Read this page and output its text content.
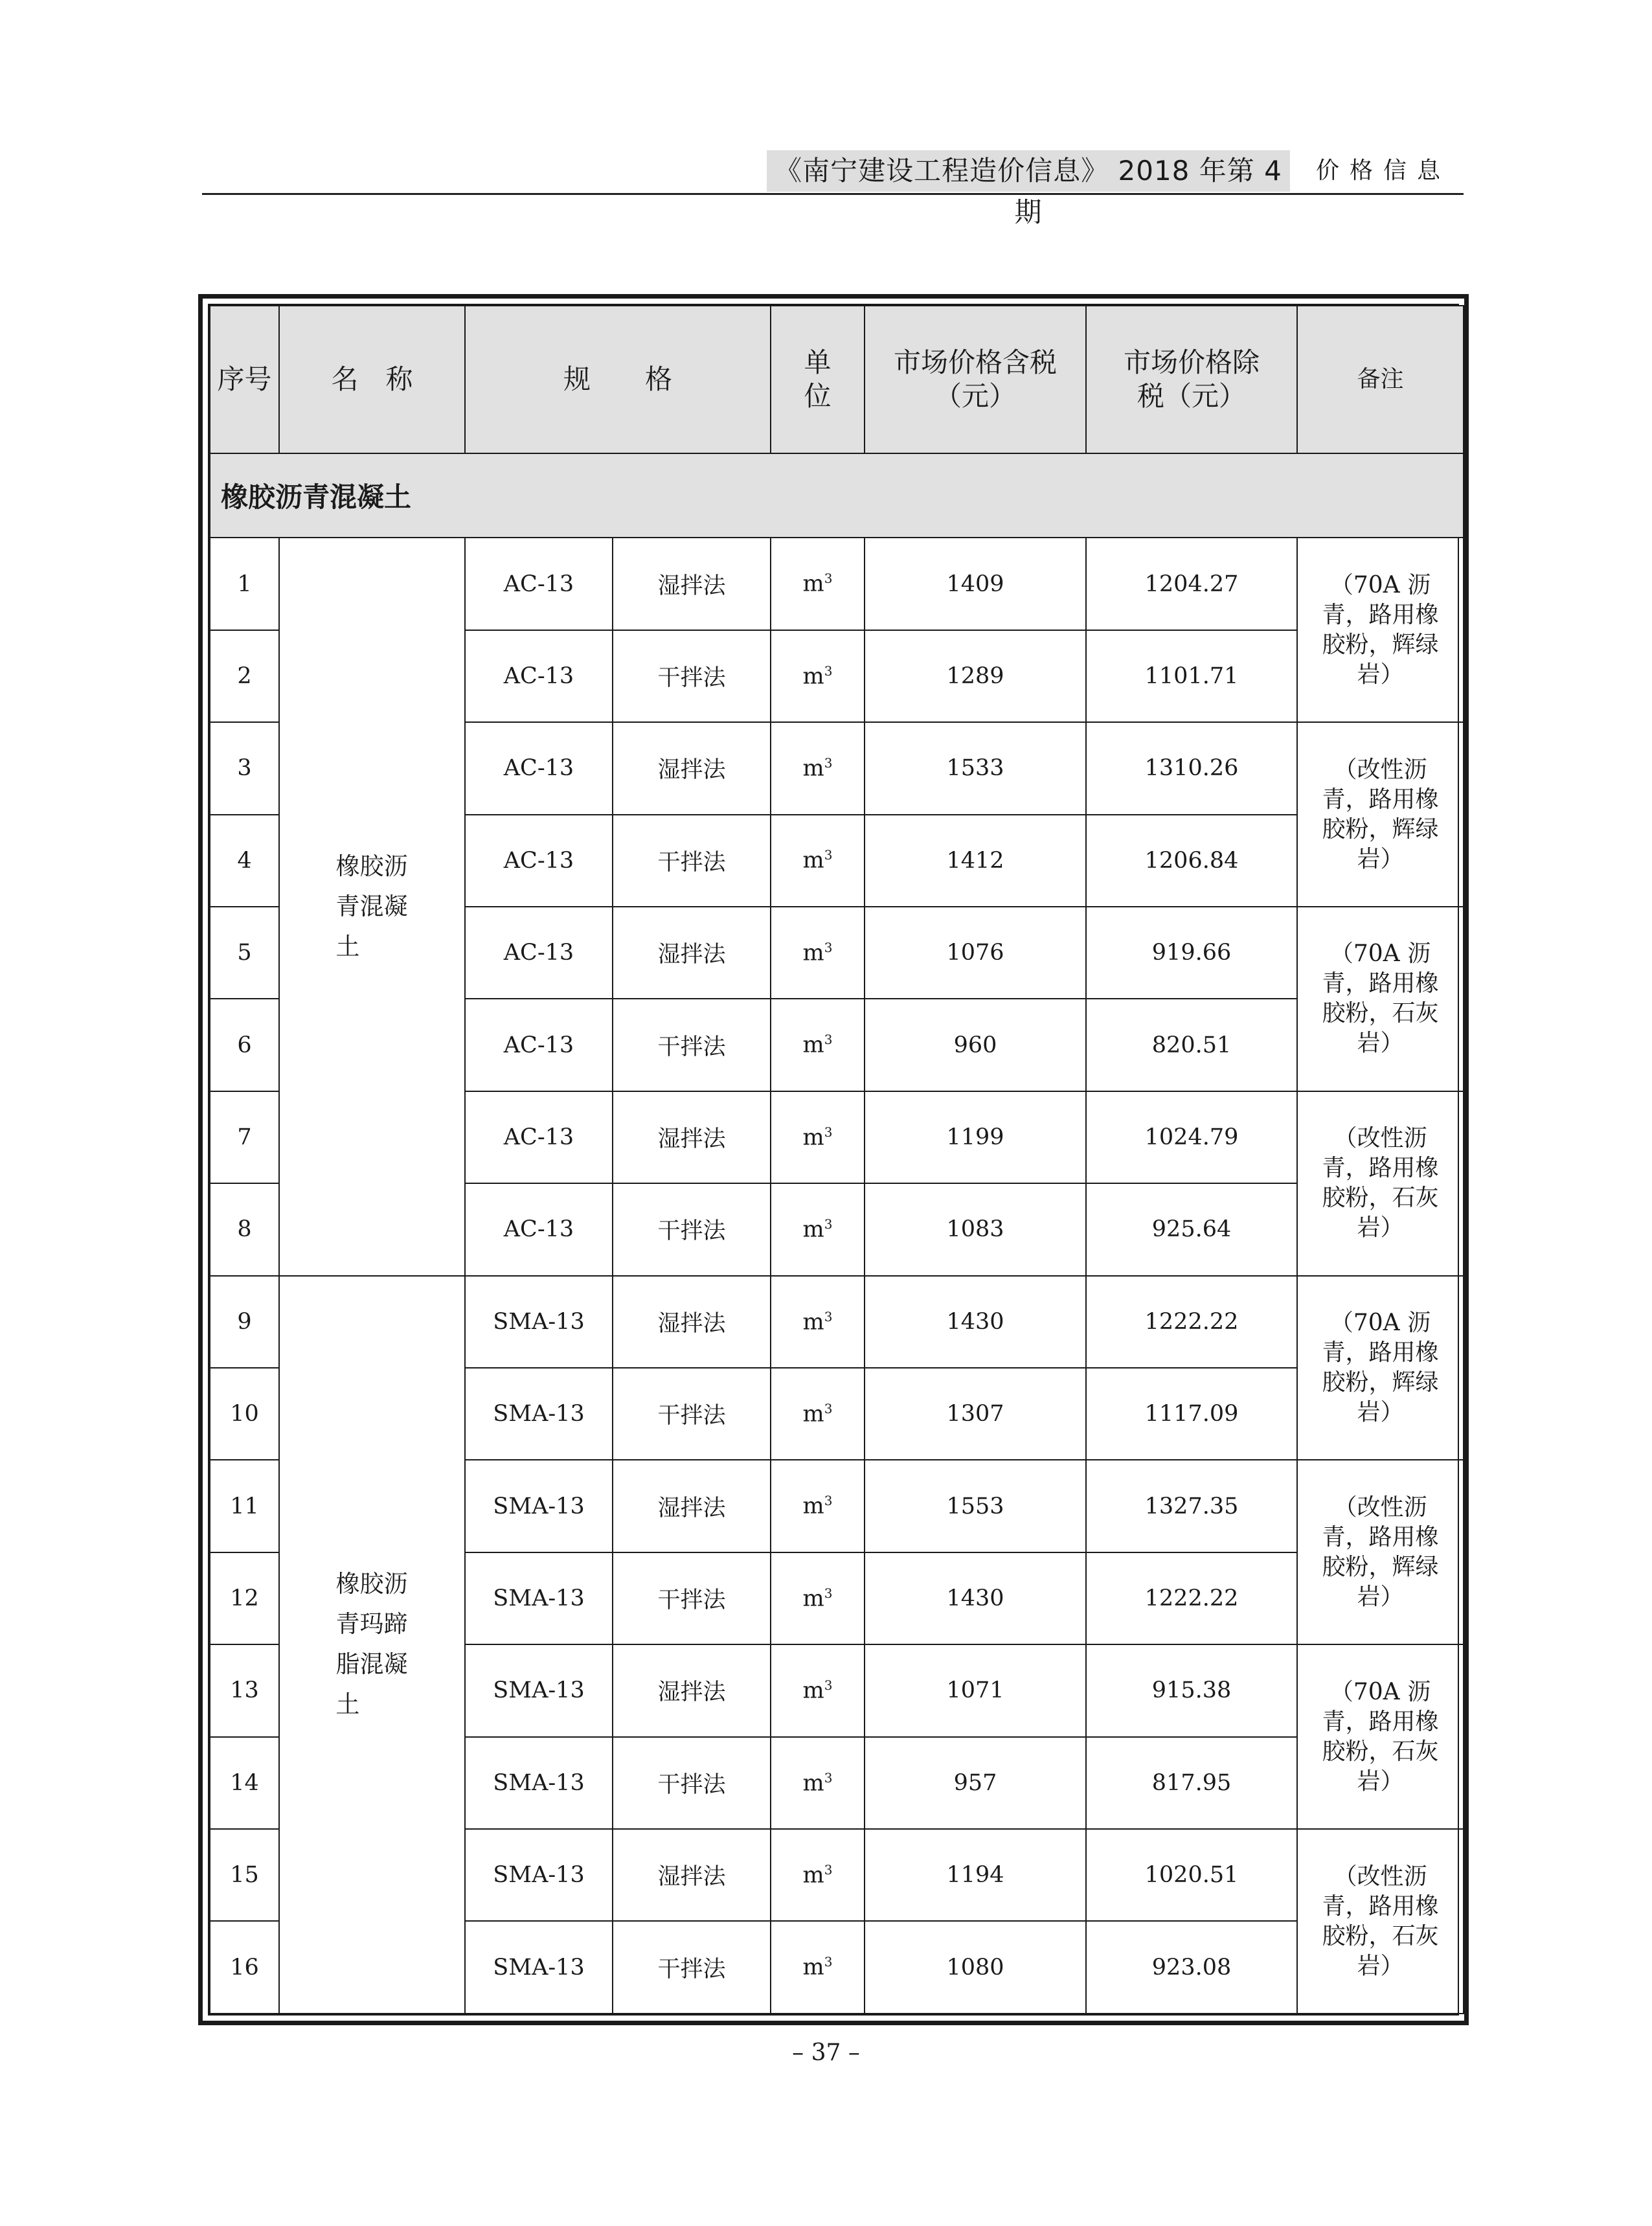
《南宁建设工程造价信息》 2018 年第 4 期
价格信息
序号	名　称	规　　格		单位	市场价格含税（元）	市场价格除税（元）	备注
橡胶沥青混凝土							
1	橡胶沥青混凝土	AC-13	湿拌法	$m^3$	1409	1204.27	（70A 沥青，路用橡胶粉，辉绿岩）
2		AC-13	干拌法	$m^3$	1289	1101.71	
3		AC-13	湿拌法	$m^3$	1533	1310.26	（改性沥青，路用橡胶粉，辉绿岩）
4		AC-13	干拌法	$m^3$	1412	1206.84	
5		AC-13	湿拌法	$m^3$	1076	919.66	（70A 沥青，路用橡胶粉，石灰岩）
6		AC-13	干拌法	$m^3$	960	820.51	
7		AC-13	湿拌法	$m^3$	1199	1024.79	（改性沥青，路用橡胶粉，石灰岩）
8		AC-13	干拌法	$m^3$	1083	925.64	
9	橡胶沥青玛蹄脂混凝土	SMA-13	湿拌法	$m^3$	1430	1222.22	（70A 沥青，路用橡胶粉，辉绿岩）
10		SMA-13	干拌法	$m^3$	1307	1117.09	
11		SMA-13	湿拌法	$m^3$	1553	1327.35	（改性沥青，路用橡胶粉，辉绿岩）
12		SMA-13	干拌法	$m^3$	1430	1222.22	
13		SMA-13	湿拌法	$m^3$	1071	915.38	（70A 沥青，路用橡胶粉，石灰岩）
14		SMA-13	干拌法	$m^3$	957	817.95	
15		SMA-13	湿拌法	$m^3$	1194	1020.51	（改性沥青，路用橡胶粉，石灰岩）
16		SMA-13	干拌法	$m^3$	1080	923.08	
– 37 –
